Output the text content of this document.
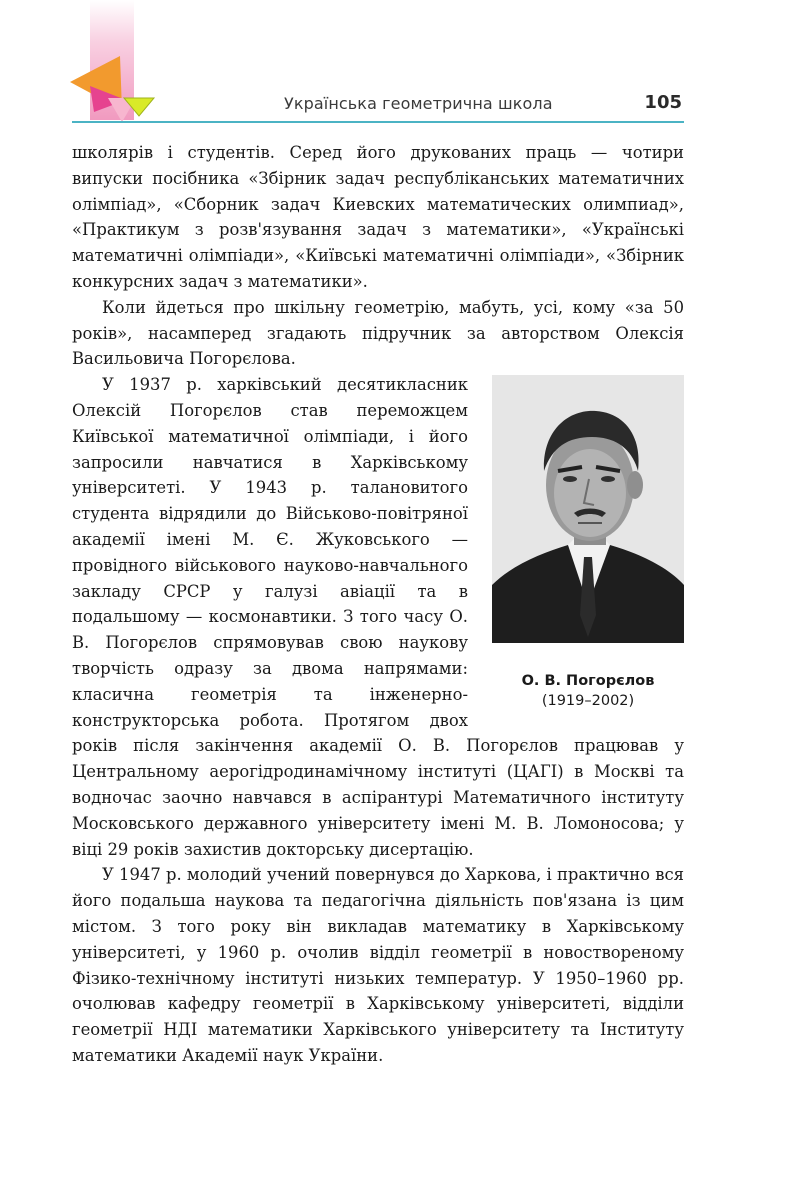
Українська геометрична школа	105

школярів і студентів. Серед його друкованих праць — чотири випуски посібника «Збірник задач республіканських математичних олімпіад», «Сборник задач Киевских математических олимпиад», «Практикум з розв'язування задач з математики», «Українські математичні олімпіади», «Київські математичні олімпіади», «Збірник конкурсних задач з математики».

Коли йдеться про шкільну геометрію, мабуть, усі, кому «за 50 років», насамперед згадають підручник за авторством Олексія Васильовича Погорєлова.

О. В. Погорєлов
(1919–2002)

У 1937 р. харківський десятикласник Олексій Погорєлов став переможцем Київської математичної олімпіади, і його запросили навчатися в Харківському університеті. У 1943 р. талановитого студента відрядили до Військово-повітряної академії імені М. Є. Жуковського — провідного військового науково-навчального закладу СРСР у галузі авіації та в подальшому — космонавтики. З того часу О. В. Погорєлов спрямовував свою наукову творчість одразу за двома напрямами: класична геометрія та інженерно-конструкторська робота. Протягом двох років після закінчення академії О. В. Погорєлов працював у Центральному аерогідродинамічному інституті (ЦАГІ) в Москві та водночас заочно навчався в аспірантурі Математичного інституту Московського державного університету імені М. В. Ломоносова; у віці 29 років захистив докторську дисертацію.

У 1947 р. молодий учений повернувся до Харкова, і практично вся його подальша наукова та педагогічна діяльність пов'язана із цим містом. З того року він викладав математику в Харківському університеті, у 1960 р. очолив відділ геометрії в новоствореному Фізико-технічному інституті низьких температур. У 1950–1960 рр. очолював кафедру геометрії в Харківському університеті, відділи геометрії НДІ математики Харківського університету та Інституту математики Академії наук України.
